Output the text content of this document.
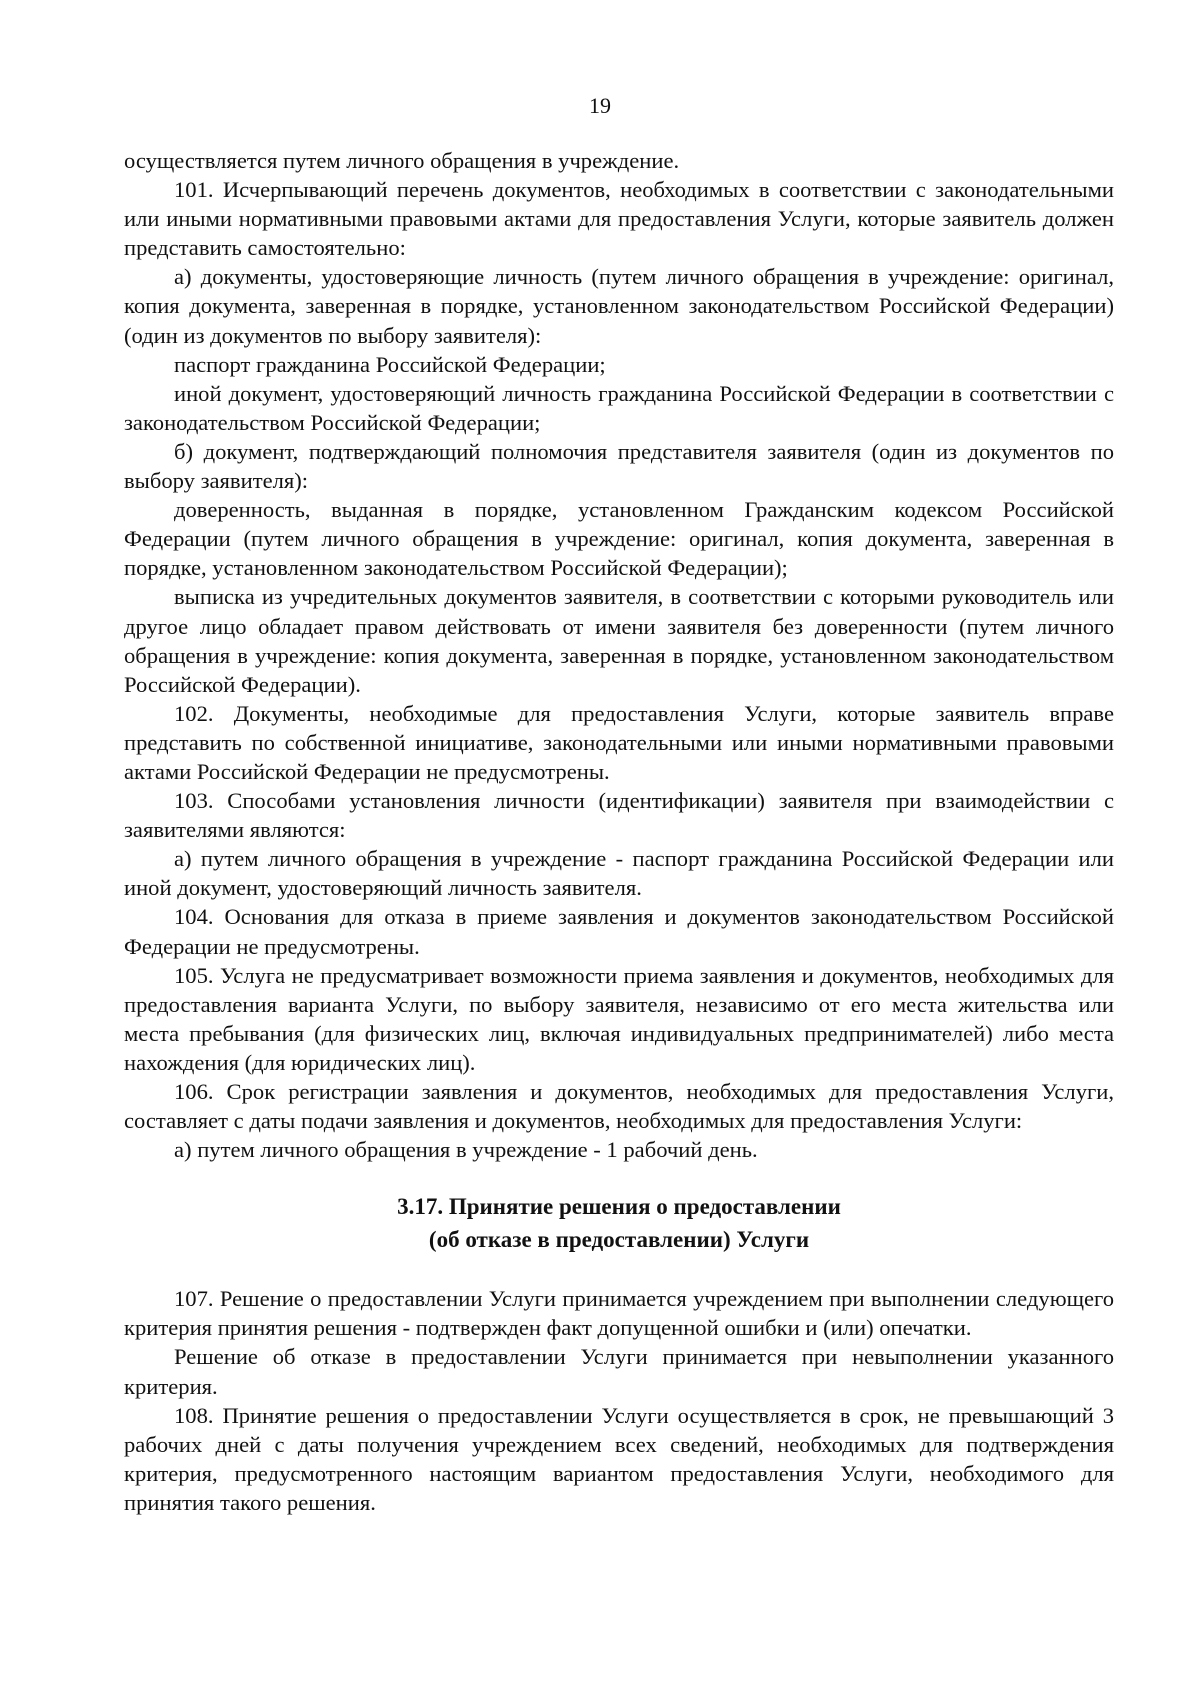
19

осуществляется путем личного обращения в учреждение.

101. Исчерпывающий перечень документов, необходимых в соответствии с законодательными или иными нормативными правовыми актами для предоставления Услуги, которые заявитель должен представить самостоятельно:

а) документы, удостоверяющие личность (путем личного обращения в учреждение: оригинал, копия документа, заверенная в порядке, установленном законодательством Российской Федерации) (один из документов по выбору заявителя):

паспорт гражданина Российской Федерации;

иной документ, удостоверяющий личность гражданина Российской Федерации в соответствии с законодательством Российской Федерации;

б) документ, подтверждающий полномочия представителя заявителя (один из документов по выбору заявителя):

доверенность, выданная в порядке, установленном Гражданским кодексом Российской Федерации (путем личного обращения в учреждение: оригинал, копия документа, заверенная в порядке, установленном законодательством Российской Федерации);

выписка из учредительных документов заявителя, в соответствии с которыми руководитель или другое лицо обладает правом действовать от имени заявителя без доверенности (путем личного обращения в учреждение: копия документа, заверенная в порядке, установленном законодательством Российской Федерации).

102. Документы, необходимые для предоставления Услуги, которые заявитель вправе представить по собственной инициативе, законодательными или иными нормативными правовыми актами Российской Федерации не предусмотрены.

103. Способами установления личности (идентификации) заявителя при взаимодействии с заявителями являются:

а) путем личного обращения в учреждение - паспорт гражданина Российской Федерации или иной документ, удостоверяющий личность заявителя.

104. Основания для отказа в приеме заявления и документов законодательством Российской Федерации не предусмотрены.

105. Услуга не предусматривает возможности приема заявления и документов, необходимых для предоставления варианта Услуги, по выбору заявителя, независимо от его места жительства или места пребывания (для физических лиц, включая индивидуальных предпринимателей) либо места нахождения (для юридических лиц).

106. Срок регистрации заявления и документов, необходимых для предоставления Услуги, составляет с даты подачи заявления и документов, необходимых для предоставления Услуги:

а) путем личного обращения в учреждение - 1 рабочий день.

3.17. Принятие решения о предоставлении
(об отказе в предоставлении) Услуги

107. Решение о предоставлении Услуги принимается учреждением при выполнении следующего критерия принятия решения - подтвержден факт допущенной ошибки и (или) опечатки.

Решение об отказе в предоставлении Услуги принимается при невыполнении указанного критерия.

108. Принятие решения о предоставлении Услуги осуществляется в срок, не превышающий 3 рабочих дней с даты получения учреждением всех сведений, необходимых для подтверждения критерия, предусмотренного настоящим вариантом предоставления Услуги, необходимого для принятия такого решения.
